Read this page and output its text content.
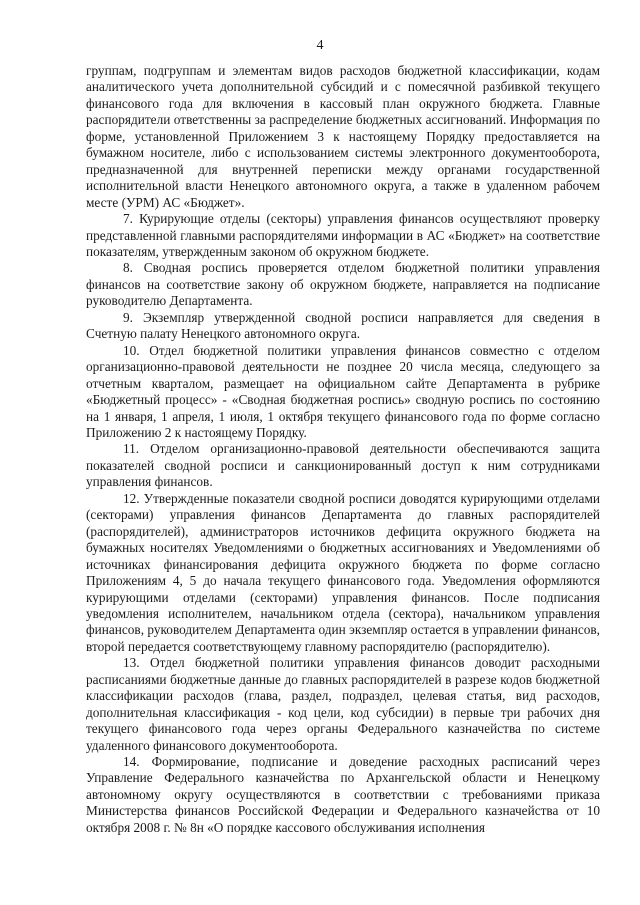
4

группам, подгруппам и элементам видов расходов бюджетной классификации, кодам аналитического учета дополнительной субсидий и с помесячной разбивкой текущего финансового года для включения в кассовый план окружного бюджета. Главные распорядители ответственны за распределение бюджетных ассигнований. Информация по форме, установленной Приложением 3 к настоящему Порядку предоставляется на бумажном носителе, либо с использованием системы электронного документооборота, предназначенной для внутренней переписки между органами государственной исполнительной власти Ненецкого автономного округа, а также в удаленном рабочем месте (УРМ) АС «Бюджет».

7. Курирующие отделы (секторы) управления финансов осуществляют проверку представленной главными распорядителями информации в АС «Бюджет» на соответствие показателям, утвержденным законом об окружном бюджете.

8. Сводная роспись проверяется отделом бюджетной политики управления финансов на соответствие закону об окружном бюджете, направляется на подписание руководителю Департамента.

9. Экземпляр утвержденной сводной росписи направляется для сведения в Счетную палату Ненецкого автономного округа.

10. Отдел бюджетной политики управления финансов совместно с отделом организационно-правовой деятельности не позднее 20 числа месяца, следующего за отчетным кварталом, размещает на официальном сайте Департамента в рубрике «Бюджетный процесс» - «Сводная бюджетная роспись» сводную роспись по состоянию на 1 января, 1 апреля, 1 июля, 1 октября текущего финансового года по форме согласно Приложению 2 к настоящему Порядку.

11. Отделом организационно-правовой деятельности обеспечиваются защита показателей сводной росписи и санкционированный доступ к ним сотрудниками управления финансов.

12. Утвержденные показатели сводной росписи доводятся курирующими отделами (секторами) управления финансов Департамента до главных распорядителей (распорядителей), администраторов источников дефицита окружного бюджета на бумажных носителях Уведомлениями о бюджетных ассигнованиях и Уведомлениями об источниках финансирования дефицита окружного бюджета по форме согласно Приложениям 4, 5 до начала текущего финансового года. Уведомления оформляются курирующими отделами (секторами) управления финансов. После подписания уведомления исполнителем, начальником отдела (сектора), начальником управления финансов, руководителем Департамента один экземпляр остается в управлении финансов, второй передается соответствующему главному распорядителю (распорядителю).

13. Отдел бюджетной политики управления финансов доводит расходными расписаниями бюджетные данные до главных распорядителей в разрезе кодов бюджетной классификации расходов (глава, раздел, подраздел, целевая статья, вид расходов, дополнительная классификация - код цели, код субсидии) в первые три рабочих дня текущего финансового года через органы Федерального казначейства по системе удаленного финансового документооборота.

14. Формирование, подписание и доведение расходных расписаний через Управление Федерального казначейства по Архангельской области и Ненецкому автономному округу осуществляются в соответствии с требованиями приказа Министерства финансов Российской Федерации и Федерального казначейства от 10 октября 2008 г. № 8н «О порядке кассового обслуживания исполнения
